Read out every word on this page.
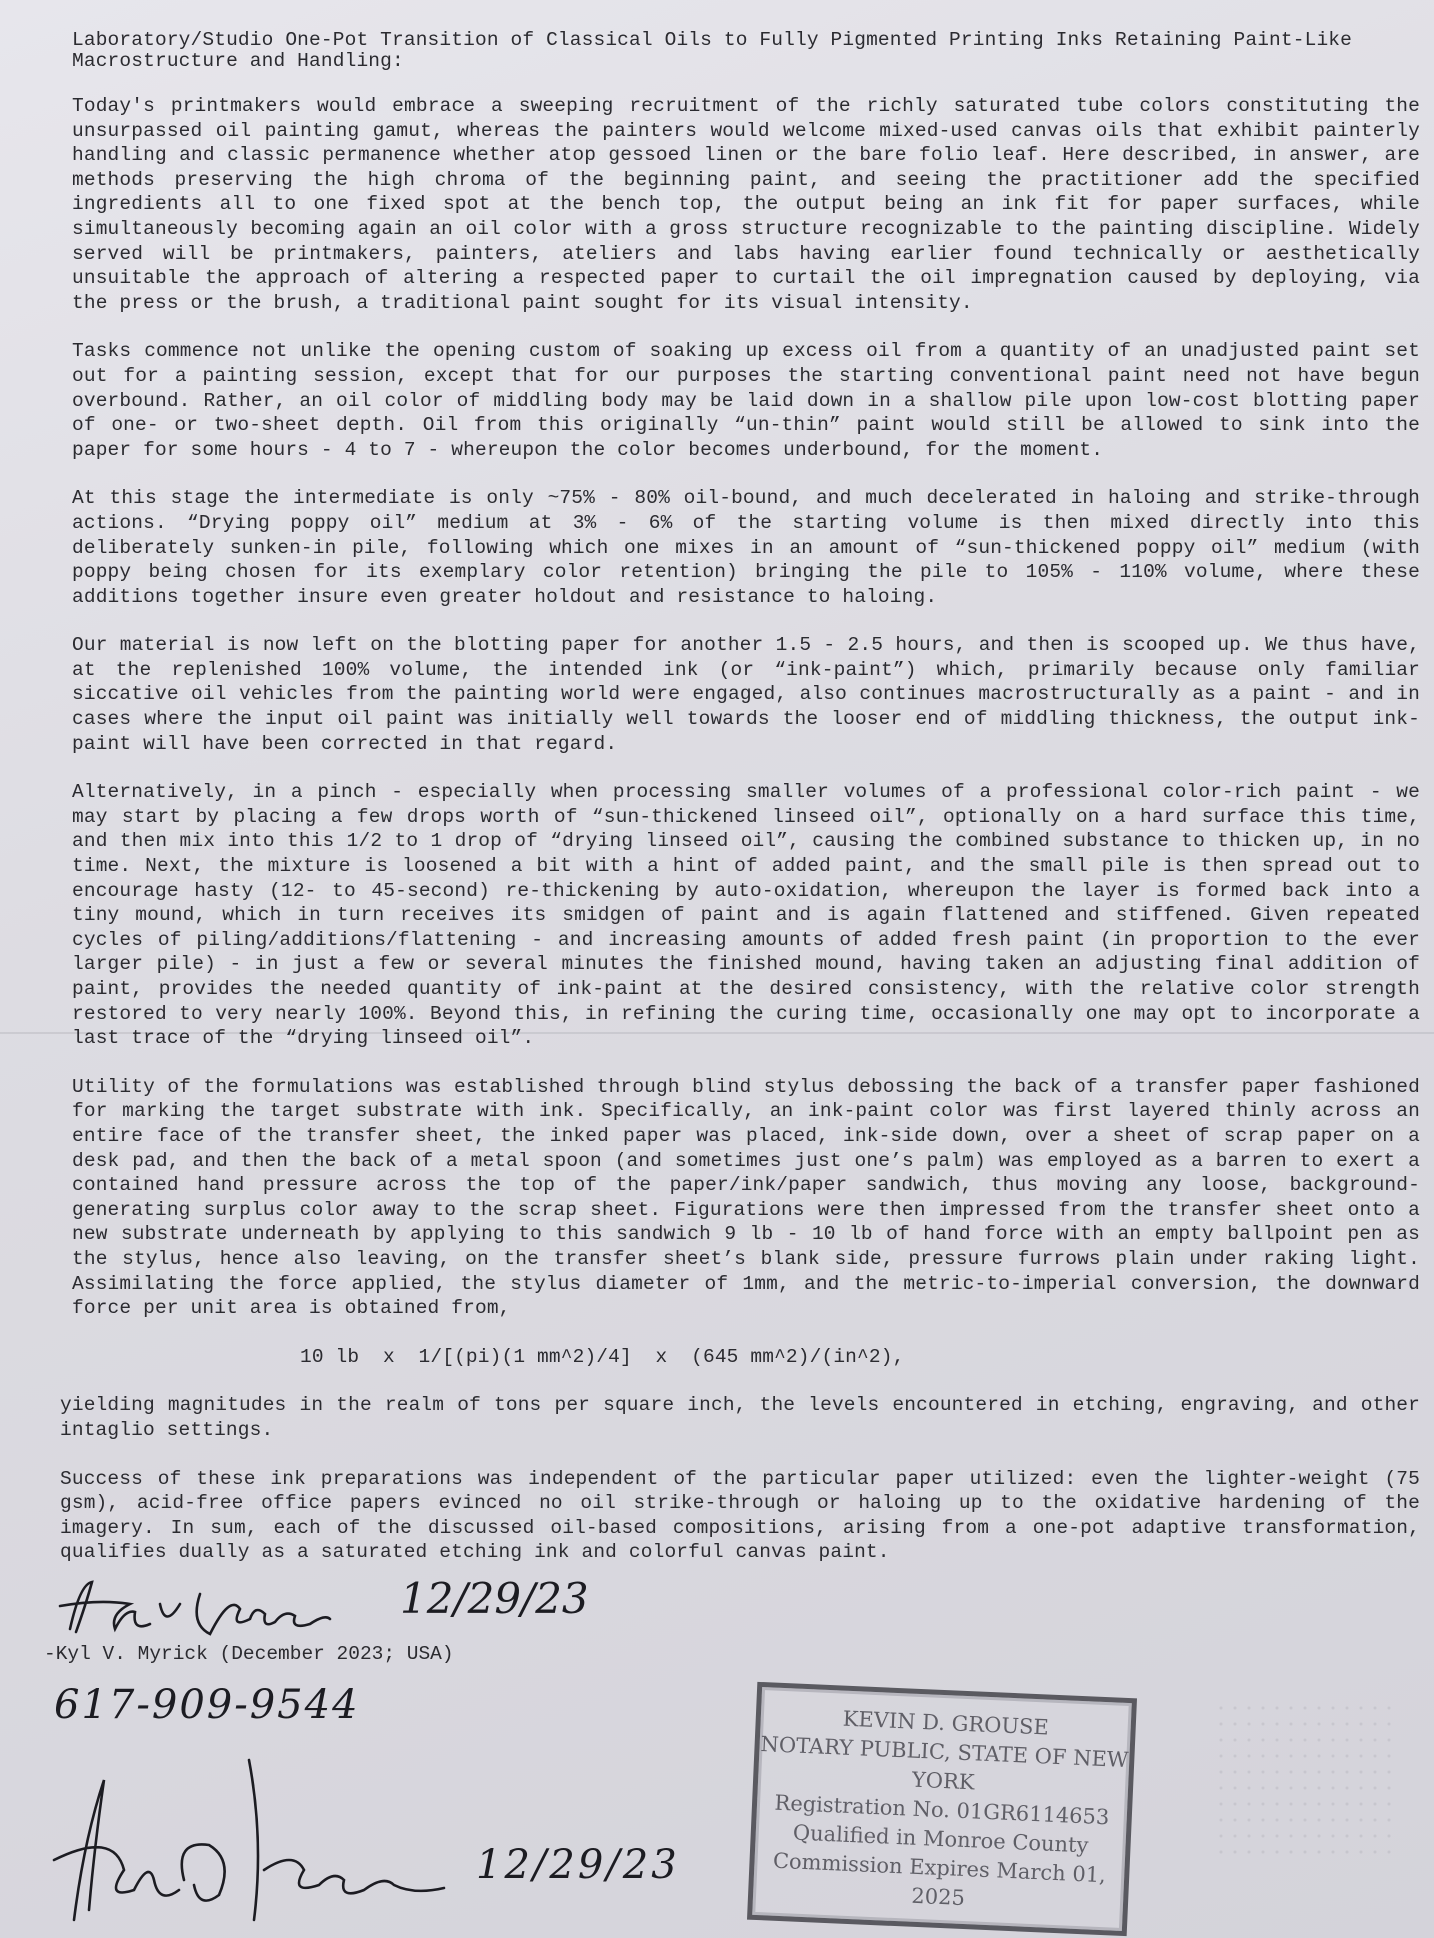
Laboratory/Studio One-Pot Transition of Classical Oils to Fully Pigmented Printing Inks Retaining Paint-Like Macrostructure and Handling:

Today's printmakers would embrace a sweeping recruitment of the richly saturated tube colors constituting the unsurpassed oil painting gamut, whereas the painters would welcome mixed-used canvas oils that exhibit painterly handling and classic permanence whether atop gessoed linen or the bare folio leaf. Here described, in answer, are methods preserving the high chroma of the beginning paint, and seeing the practitioner add the specified ingredients all to one fixed spot at the bench top, the output being an ink fit for paper surfaces, while simultaneously becoming again an oil color with a gross structure recognizable to the painting discipline. Widely served will be printmakers, painters, ateliers and labs having earlier found technically or aesthetically unsuitable the approach of altering a respected paper to curtail the oil impregnation caused by deploying, via the press or the brush, a traditional paint sought for its visual intensity.

Tasks commence not unlike the opening custom of soaking up excess oil from a quantity of an unadjusted paint set out for a painting session, except that for our purposes the starting conventional paint need not have begun overbound. Rather, an oil color of middling body may be laid down in a shallow pile upon low-cost blotting paper of one- or two-sheet depth. Oil from this originally “un-thin” paint would still be allowed to sink into the paper for some hours - 4 to 7 - whereupon the color becomes underbound, for the moment.

At this stage the intermediate is only ~75% - 80% oil-bound, and much decelerated in haloing and strike-through actions. “Drying poppy oil” medium at 3% - 6% of the starting volume is then mixed directly into this deliberately sunken-in pile, following which one mixes in an amount of “sun-thickened poppy oil” medium (with poppy being chosen for its exemplary color retention) bringing the pile to 105% - 110% volume, where these additions together insure even greater holdout and resistance to haloing.

Our material is now left on the blotting paper for another 1.5 - 2.5 hours, and then is scooped up. We thus have, at the replenished 100% volume, the intended ink (or “ink-paint”) which, primarily because only familiar siccative oil vehicles from the painting world were engaged, also continues macrostructurally as a paint - and in cases where the input oil paint was initially well towards the looser end of middling thickness, the output ink-paint will have been corrected in that regard.

Alternatively, in a pinch - especially when processing smaller volumes of a professional color-rich paint - we may start by placing a few drops worth of “sun-thickened linseed oil”, optionally on a hard surface this time, and then mix into this 1/2 to 1 drop of “drying linseed oil”, causing the combined substance to thicken up, in no time. Next, the mixture is loosened a bit with a hint of added paint, and the small pile is then spread out to encourage hasty (12- to 45-second) re-thickening by auto-oxidation, whereupon the layer is formed back into a tiny mound, which in turn receives its smidgen of paint and is again flattened and stiffened. Given repeated cycles of piling/additions/flattening - and increasing amounts of added fresh paint (in proportion to the ever larger pile) - in just a few or several minutes the finished mound, having taken an adjusting final addition of paint, provides the needed quantity of ink-paint at the desired consistency, with the relative color strength restored to very nearly 100%. Beyond this, in refining the curing time, occasionally one may opt to incorporate a last trace of the “drying linseed oil”.

Utility of the formulations was established through blind stylus debossing the back of a transfer paper fashioned for marking the target substrate with ink. Specifically, an ink-paint color was first layered thinly across an entire face of the transfer sheet, the inked paper was placed, ink-side down, over a sheet of scrap paper on a desk pad, and then the back of a metal spoon (and sometimes just one’s palm) was employed as a barren to exert a contained hand pressure across the top of the paper/ink/paper sandwich, thus moving any loose, background-generating surplus color away to the scrap sheet. Figurations were then impressed from the transfer sheet onto a new substrate underneath by applying to this sandwich 9 lb - 10 lb of hand force with an empty ballpoint pen as the stylus, hence also leaving, on the transfer sheet’s blank side, pressure furrows plain under raking light. Assimilating the force applied, the stylus diameter of 1mm, and the metric-to-imperial conversion, the downward force per unit area is obtained from,

10 lb  x  1/[(pi)(1 mm^2)/4]  x  (645 mm^2)/(in^2),

yielding magnitudes in the realm of tons per square inch, the levels encountered in etching, engraving, and other intaglio settings.

Success of these ink preparations was independent of the particular paper utilized: even the lighter-weight (75 gsm), acid-free office papers evinced no oil strike-through or haloing up to the oxidative hardening of the imagery. In sum, each of the discussed oil-based compositions, arising from a one-pot adaptive transformation, qualifies dually as a saturated etching ink and colorful canvas paint.

12/29/23
-Kyl V. Myrick (December 2023; USA)
617-909-9544
12/29/23
KEVIN D. GROUSE
NOTARY PUBLIC, STATE OF NEW YORK
Registration No. 01GR6114653
Qualified in Monroe County
Commission Expires March 01, 2025
